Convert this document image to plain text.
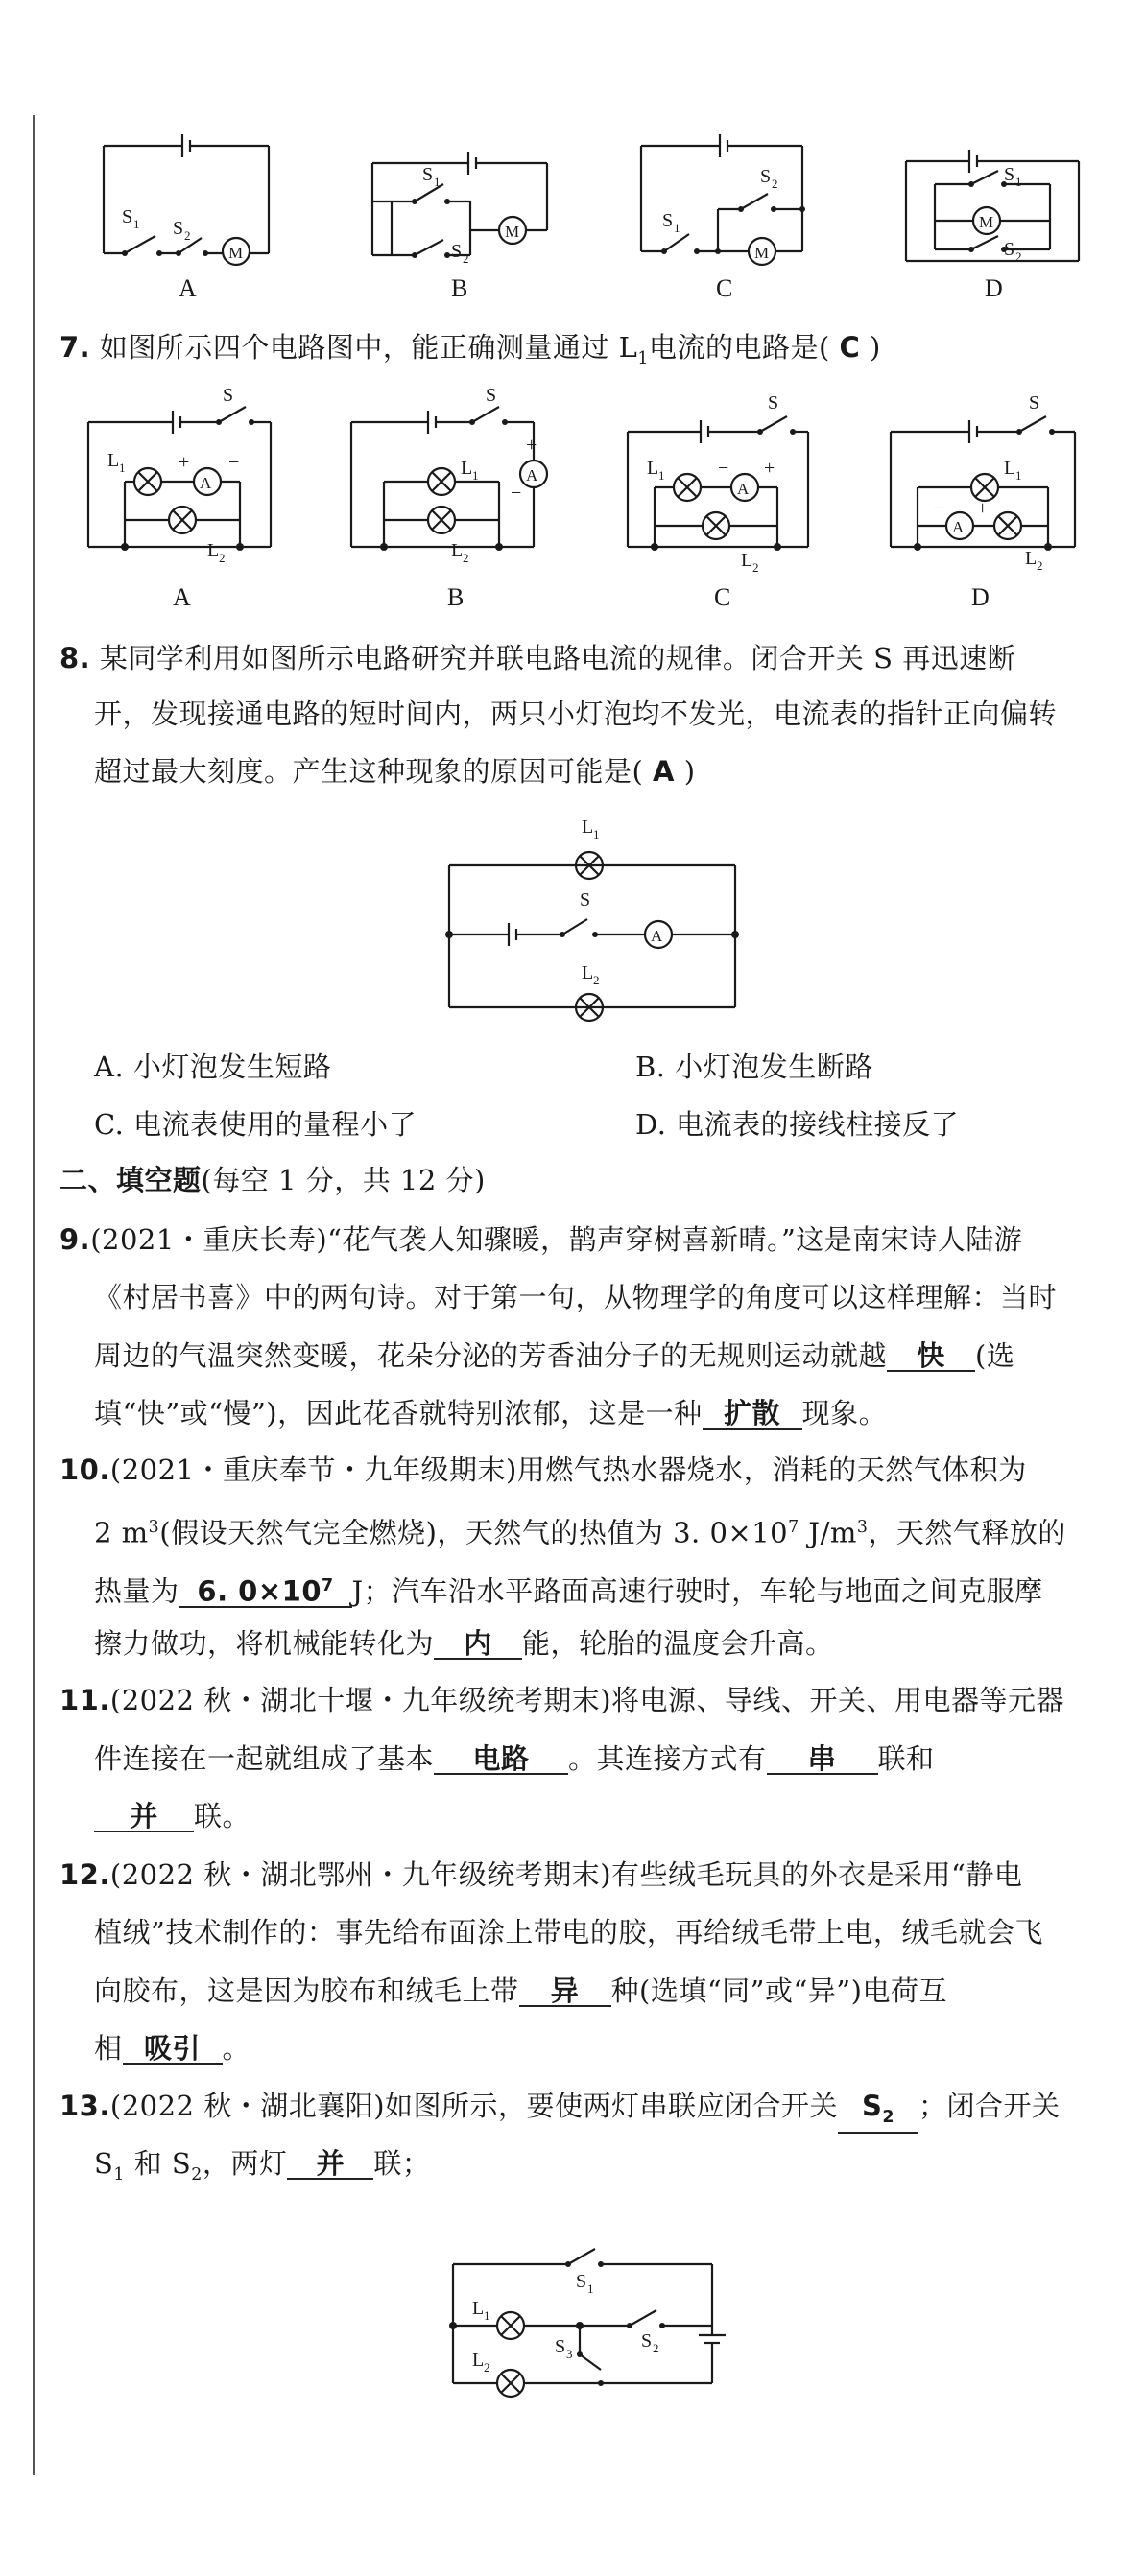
S 1 S 2
M
S 1
S 2
M
S 1
S 2
M
S 1
S 2
M
A	B	C	D
7. 如图所示四个电路图中，能正确测量通过 $L_1$电流的电路是( C )
S
L 1
A
+ −
L 2
S
L 1	A
+
−
L 2
S
L 1
A
− +
L 2
S
L 1
A
− +
L 2
A	B	C	D
8. 某同学利用如图所示电路研究并联电路电流的规律。闭合开关 S 再迅速断
开，发现接通电路的短时间内，两只小灯泡均不发光，电流表的指针正向偏转
超过最大刻度。产生这种现象的原因可能是( A )
L 1
S
A
L 2
A. 小灯泡发生短路	B. 小灯泡发生断路
C. 电流表使用的量程小了	D. 电流表的接线柱接反了
二、填空题(每空 1 分，共 12 分)
9.(2021・重庆长寿)“花气袭人知骤暖，鹊声穿树喜新晴。”这是南宋诗人陆游
《村居书喜》中的两句诗。对于第一句，从物理学的角度可以这样理解：当时
周边的气温突然变暖，花朵分泌的芳香油分子的无规则运动就越 快 (选
填“快”或“慢”)，因此花香就特别浓郁，这是一种 扩散 现象。
10.(2021・重庆奉节・九年级期末)用燃气热水器烧水，消耗的天然气体积为
2 $m^3$(假设天然气完全燃烧)，天然气的热值为 3. $0\times 10^7$ $J/m^3$，天然气释放的
热量为 6. $0\times 10^7$ J；汽车沿水平路面高速行驶时，车轮与地面之间克服摩
擦力做功，将机械能转化为 内 能，轮胎的温度会升高。
11.(2022 秋・湖北十堰・九年级统考期末)将电源、导线、开关、用电器等元器
件连接在一起就组成了基本 电路 。其连接方式有 串 联和
并 联。
12.(2022 秋・湖北鄂州・九年级统考期末)有些绒毛玩具的外衣是采用“静电
植绒”技术制作的：事先给布面涂上带电的胶，再给绒毛带上电，绒毛就会飞
向胶布，这是因为胶布和绒毛上带 异 种(选填“同”或“异”)电荷互
相 吸引 。
13.(2022 秋・湖北襄阳)如图所示，要使两灯串联应闭合开关 $S_2$ ；闭合开关
$S_1$ 和 $S_2$，两灯 并 联；
S 1
L 1
S 2
S 3
L 2
